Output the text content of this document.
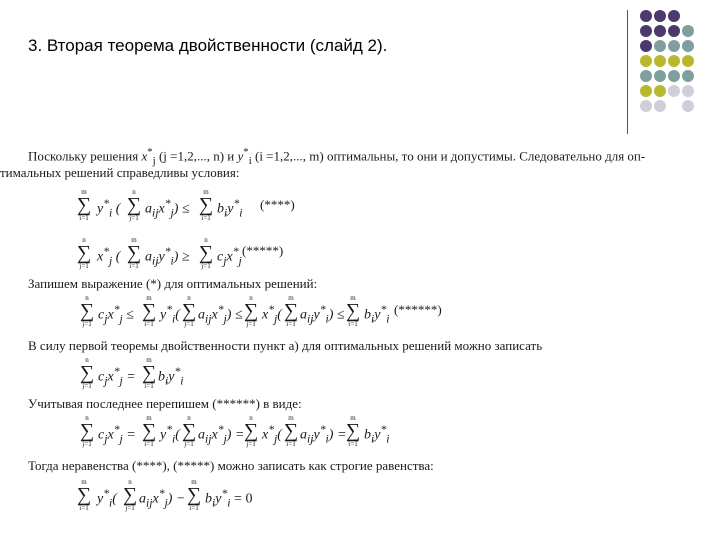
3. Вторая теорема двойственности (слайд 2).
Поскольку решения $x^*_j$ (j =1,2,..., n) и $y^*_i$ (i =1,2,..., m) оптимальны, то они и допустимы. Следовательно для оп-
тимальных решений справедливы условия:
m
∑
i=1
$y^*_i$ (
n
∑
j=1
$a_{ij}x^*_j$) ≤
m
∑
i=1
$b_iy^*_i$
(****)
n
∑
j=1
$x^*_j$ (
m
∑
i=1
$a_{ij}y^*_i$) ≥
n
∑
j=1
$c_jx^*_j$
(*****)
Запишем выражение (*) для оптимальных решений:
n
∑
j=1
$c_jx^*_j$ ≤
m
∑
i=1
$y^*_i$(
n
∑
j=1
$a_{ij}x^*_j$) ≤
n
∑
j=1
$x^*_j$(
m
∑
i=1
$a_{ij}y^*_i$) ≤
m
∑
i=1
$b_iy^*_i$
(******)
В силу первой теоремы двойственности пункт а) для оптимальных решений можно записать
n
∑
j=1
$c_jx^*_j$ =
m
∑
i=1
$b_iy^*_i$
Учитывая последнее перепишем (******) в виде:
n
∑
j=1
$c_jx^*_j$ =
m
∑
i=1
$y^*_i$(
n
∑
j=1
$a_{ij}x^*_j$) =
n
∑
j=1
$x^*_j$(
m
∑
i=1
$a_{ij}y^*_i$) =
m
∑
i=1
$b_iy^*_i$
Тогда неравенства (****), (*****) можно записать как строгие равенства:
m
∑
i=1
$y^*_i$(
n
∑
j=1
$a_{ij}x^*_j$) −
m
∑
i=1
$b_iy^*_i = 0$
